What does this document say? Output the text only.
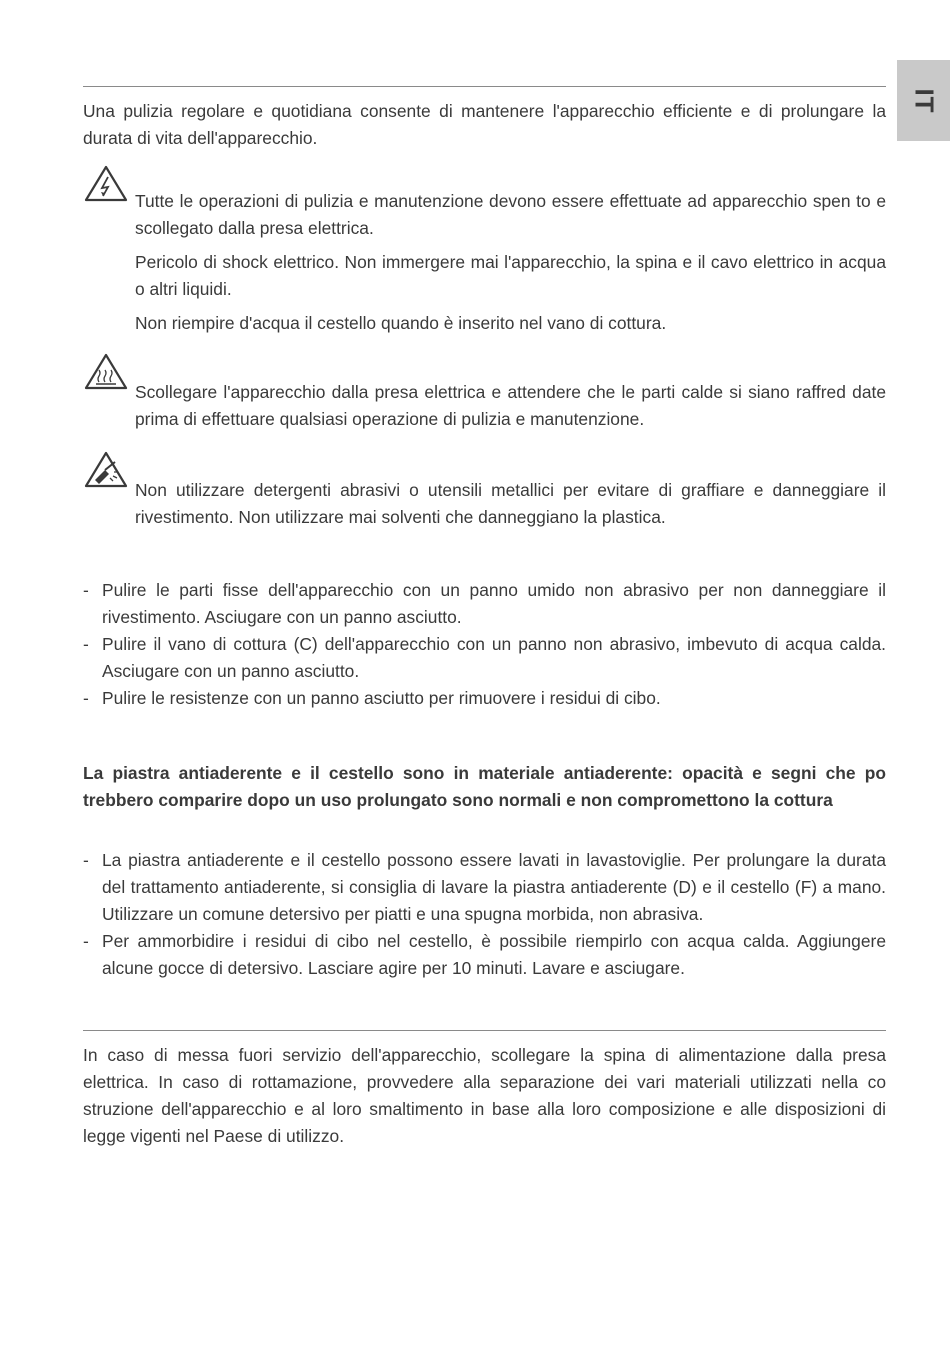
IT

Una pulizia regolare e quotidiana consente di mantenere l'apparecchio efficiente e di prolungare la durata di vita dell'apparecchio.

Tutte le operazioni di pulizia e manutenzione devono essere effettuate ad apparecchio spen to e scollegato dalla presa elettrica.

Pericolo di shock elettrico. Non immergere mai l'apparecchio, la spina e il cavo elettrico in acqua o altri liquidi.

Non riempire d'acqua il cestello quando è inserito nel vano di cottura.

Scollegare l'apparecchio dalla presa elettrica e attendere che le parti calde si siano raffred date prima di effettuare qualsiasi operazione di pulizia e manutenzione.

Non utilizzare detergenti abrasivi o utensili metallici per evitare di graffiare e danneggiare il rivestimento. Non utilizzare mai solventi che danneggiano la plastica.

- Pulire le parti fisse dell'apparecchio con un panno umido non abrasivo per non danneggiare il rivestimento. Asciugare con un panno asciutto.
- Pulire il vano di cottura (C) dell'apparecchio con un panno non abrasivo, imbevuto di acqua calda. Asciugare con un panno asciutto.
- Pulire le resistenze con un panno asciutto per rimuovere i residui di cibo.

La piastra antiaderente e il cestello sono in materiale antiaderente: opacità e segni che po trebbero comparire dopo un uso prolungato sono normali e non compromettono la cottura

- La piastra antiaderente e il cestello possono essere lavati in lavastoviglie. Per prolungare la durata del trattamento antiaderente, si consiglia di lavare la piastra antiaderente (D) e il cestello (F) a mano. Utilizzare un comune detersivo per piatti e una spugna morbida, non abrasiva.
- Per ammorbidire i residui di cibo nel cestello, è possibile riempirlo con acqua calda. Aggiungere alcune gocce di detersivo. Lasciare agire per 10 minuti. Lavare e asciugare.

In caso di messa fuori servizio dell'apparecchio, scollegare la spina di alimentazione dalla presa elettrica. In caso di rottamazione, provvedere alla separazione dei vari materiali utilizzati nella co struzione dell'apparecchio e al loro smaltimento in base alla loro composizione e alle disposizioni di legge vigenti nel Paese di utilizzo.
